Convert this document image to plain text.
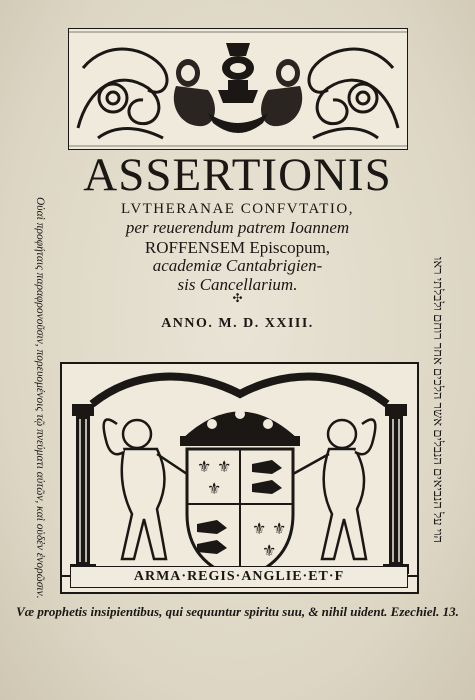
ASSERTIONIS
LVTHERANAE CONFVTATIO,
per reuerendum patrem Ioannem
ROFFENSEM Episcopum,
academiæ Cantabrigien-
sis Cancellarium.
✣
ANNO. M. D. XXIII.
Οὐαὶ προφήταις παραφρονοῦσιν, πορευομένοις τῷ πνεύματι αὐτῶν, καὶ οὐδὲν ἐνορῶσιν.	הוי על הנביאים הנבלים אשר הלכים אחר רוחם ולבלתי ראו
⚜ ⚜
⚜
⚜ ⚜
⚜
ARMA·REGIS·ANGLIE·ET·F
Væ prophetis insipientibus, qui sequuntur spiritu suu, & nihil uident. Ezechiel. 13.
